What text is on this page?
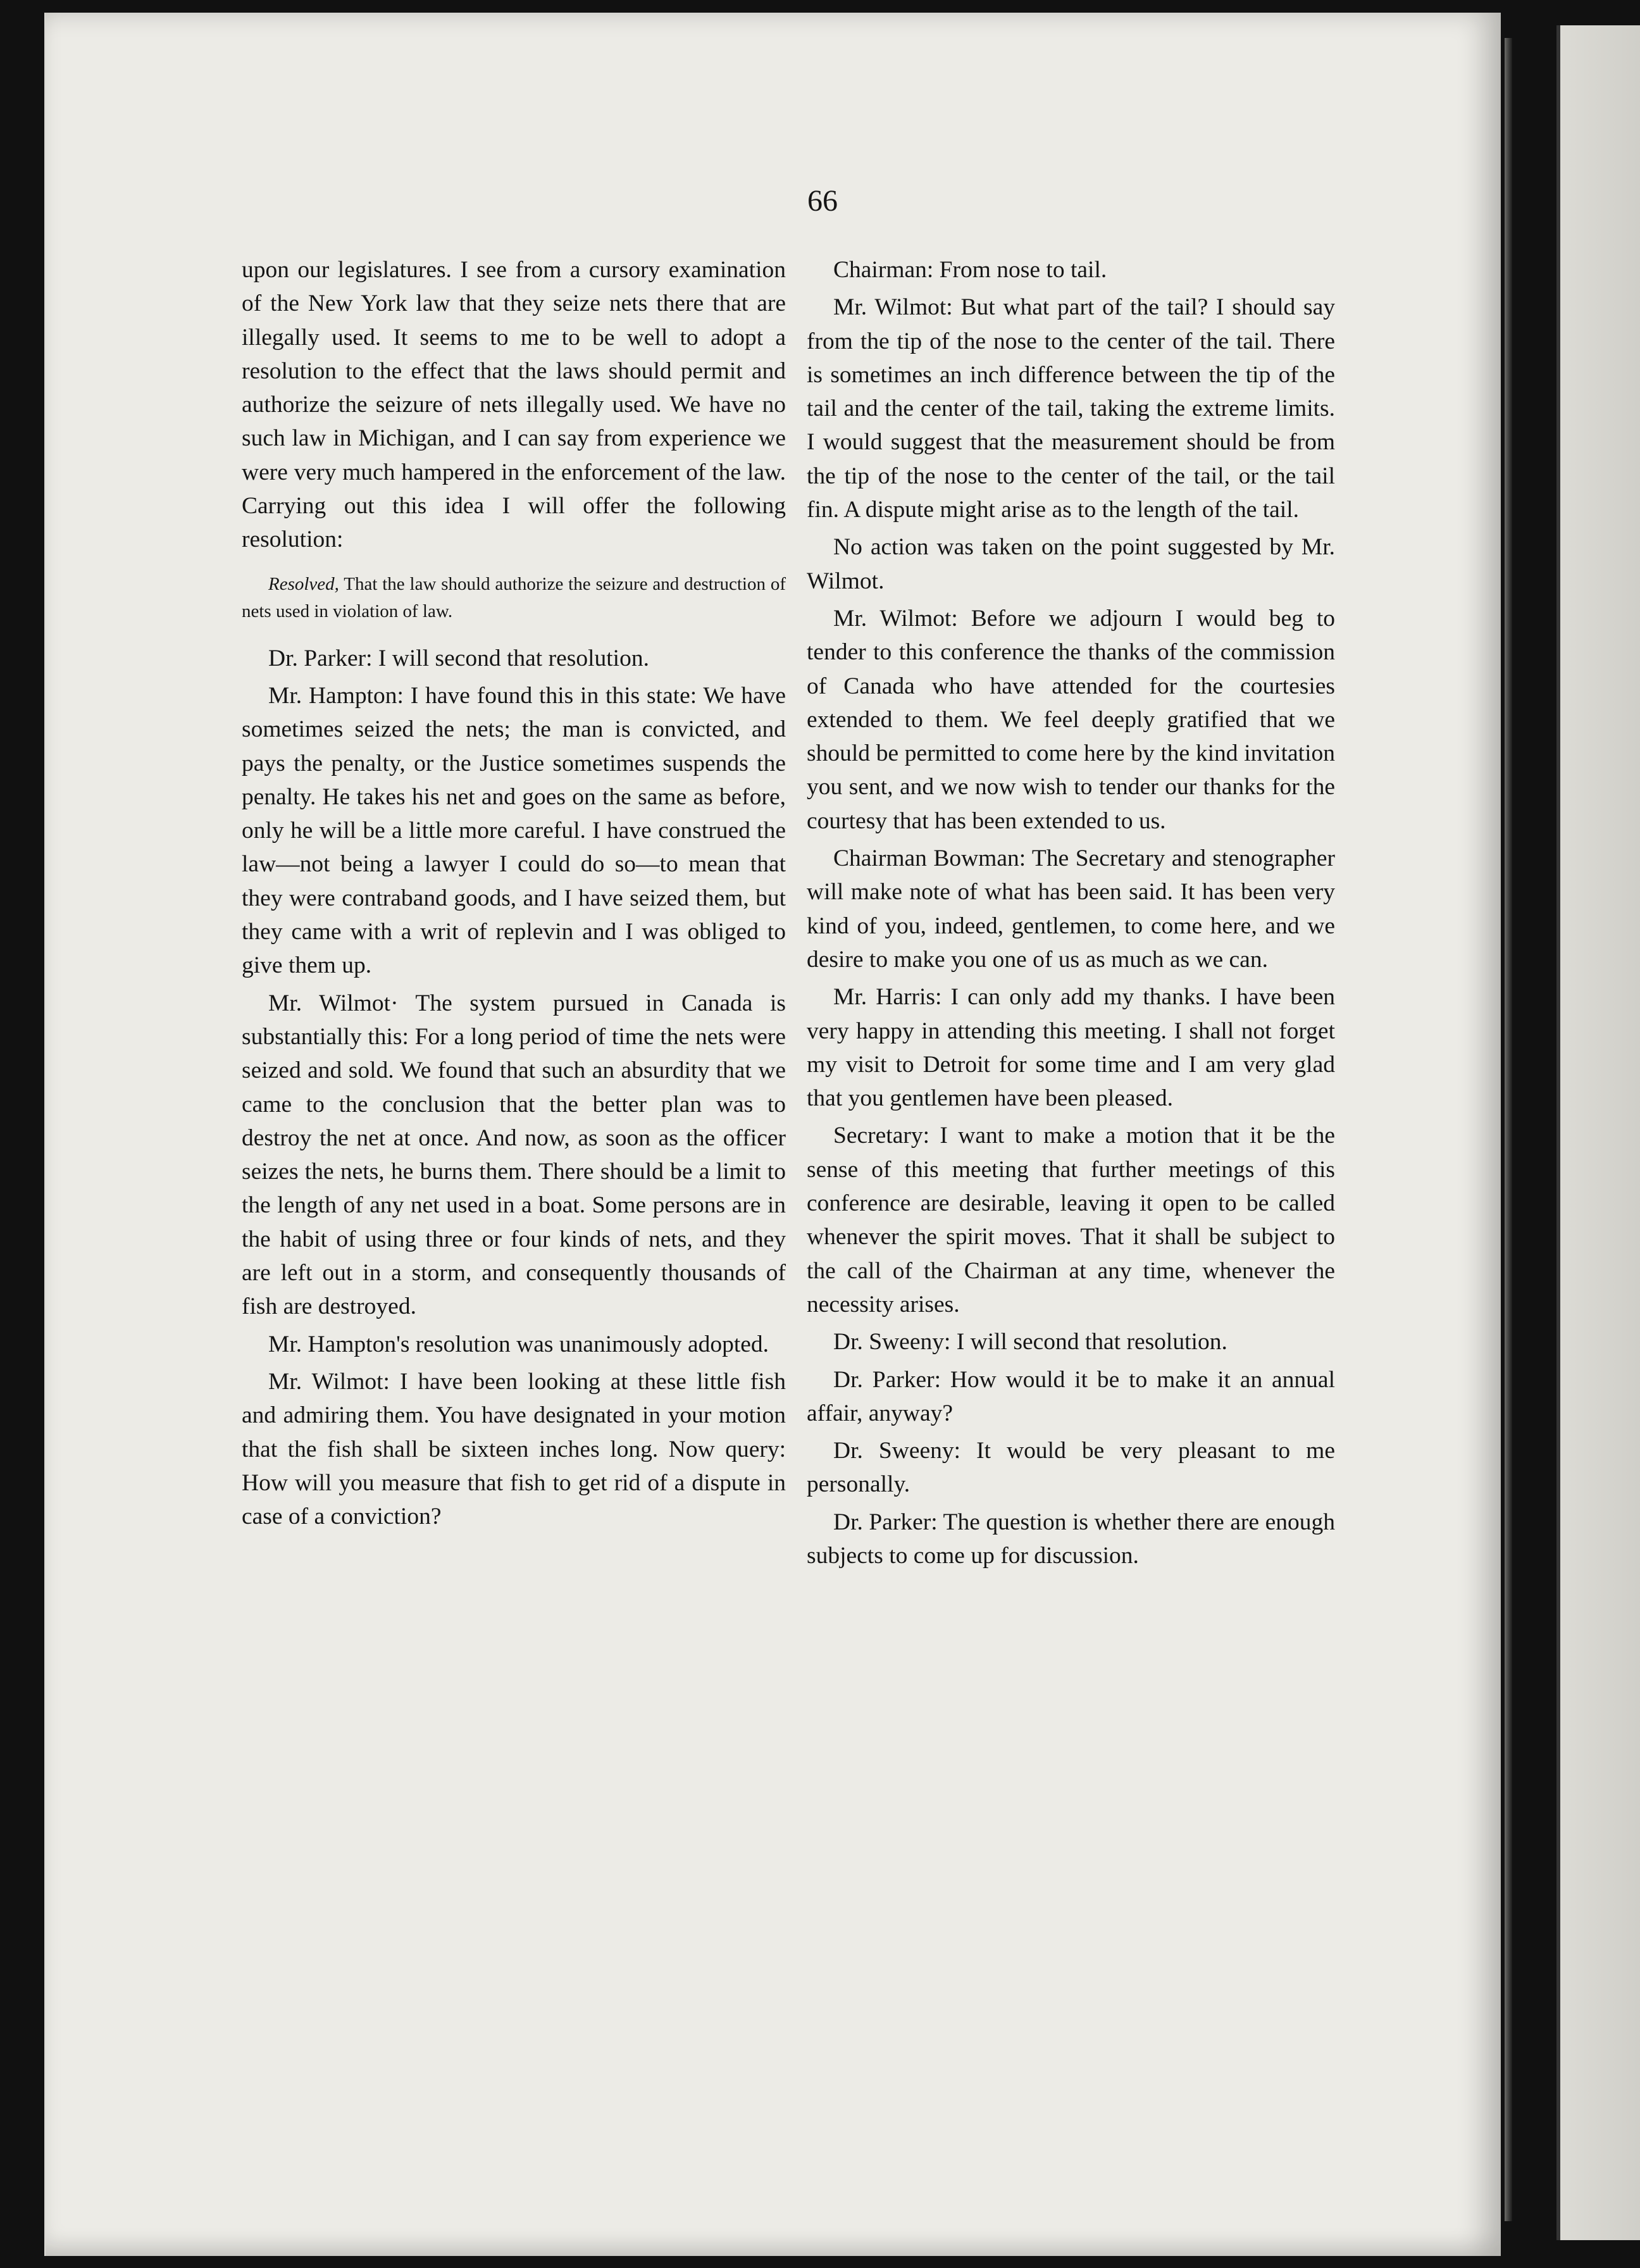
66

upon our legislatures. I see from a cursory examination of the New York law that they seize nets there that are illegally used. It seems to me to be well to adopt a resolution to the effect that the laws should permit and authorize the seizure of nets illegally used. We have no such law in Michigan, and I can say from experience we were very much hampered in the enforcement of the law. Carrying out this idea I will offer the following resolution:

Resolved, That the law should authorize the seizure and destruction of nets used in violation of law.

Dr. Parker: I will second that resolution.

Mr. Hampton: I have found this in this state: We have sometimes seized the nets; the man is convicted, and pays the penalty, or the Justice sometimes suspends the penalty. He takes his net and goes on the same as before, only he will be a little more careful. I have construed the law—not being a lawyer I could do so—to mean that they were contraband goods, and I have seized them, but they came with a writ of replevin and I was obliged to give them up.

Mr. Wilmot· The system pursued in Canada is substantially this: For a long period of time the nets were seized and sold. We found that such an absurdity that we came to the conclusion that the better plan was to destroy the net at once. And now, as soon as the officer seizes the nets, he burns them. There should be a limit to the length of any net used in a boat. Some persons are in the habit of using three or four kinds of nets, and they are left out in a storm, and consequently thousands of fish are destroyed.

Mr. Hampton's resolution was unanimously adopted.

Mr. Wilmot: I have been looking at these little fish and admiring them. You have designated in your motion that the fish shall be sixteen inches long. Now query: How will you measure that fish to get rid of a dispute in case of a conviction?

Chairman: From nose to tail.

Mr. Wilmot: But what part of the tail? I should say from the tip of the nose to the center of the tail. There is sometimes an inch difference between the tip of the tail and the center of the tail, taking the extreme limits. I would suggest that the measurement should be from the tip of the nose to the center of the tail, or the tail fin. A dispute might arise as to the length of the tail.

No action was taken on the point suggested by Mr. Wilmot.

Mr. Wilmot: Before we adjourn I would beg to tender to this conference the thanks of the commission of Canada who have attended for the courtesies extended to them. We feel deeply gratified that we should be permitted to come here by the kind invitation you sent, and we now wish to tender our thanks for the courtesy that has been extended to us.

Chairman Bowman: The Secretary and stenographer will make note of what has been said. It has been very kind of you, indeed, gentlemen, to come here, and we desire to make you one of us as much as we can.

Mr. Harris: I can only add my thanks. I have been very happy in attending this meeting. I shall not forget my visit to Detroit for some time and I am very glad that you gentlemen have been pleased.

Secretary: I want to make a motion that it be the sense of this meeting that further meetings of this conference are desirable, leaving it open to be called whenever the spirit moves. That it shall be subject to the call of the Chairman at any time, whenever the necessity arises.

Dr. Sweeny: I will second that resolution.

Dr. Parker: How would it be to make it an annual affair, anyway?

Dr. Sweeny: It would be very pleasant to me personally.

Dr. Parker: The question is whether there are enough subjects to come up for discussion.
